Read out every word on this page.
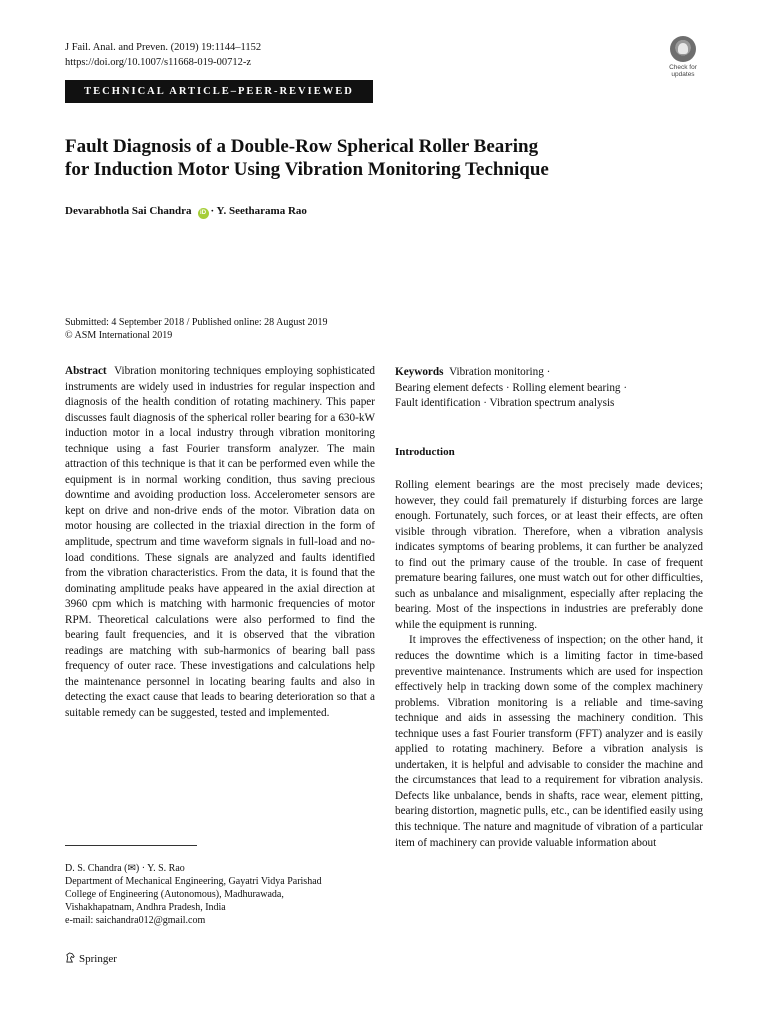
J Fail. Anal. and Preven. (2019) 19:1144–1152
https://doi.org/10.1007/s11668-019-00712-z	Check for
updates
TECHNICAL ARTICLE–PEER-REVIEWED
Fault Diagnosis of a Double-Row Spherical Roller Bearing
for Induction Motor Using Vibration Monitoring Technique
Devarabhotla Sai Chandra iD · Y. Seetharama Rao
Submitted: 4 September 2018 / Published online: 28 August 2019
© ASM International 2019

Abstract Vibration monitoring techniques employing sophisticated instruments are widely used in industries for regular inspection and diagnosis of the health condition of rotating machinery. This paper discusses fault diagnosis of the spherical roller bearing for a 630-kW induction motor in a local industry through vibration monitoring technique using a fast Fourier transform analyzer. The main attraction of this technique is that it can be performed even while the equipment is in normal working condition, thus saving precious downtime and avoiding production loss. Accelerometer sensors are kept on drive and non-drive ends of the motor. Vibration data on motor housing are collected in the triaxial direction in the form of amplitude, spectrum and time waveform signals in full-load and no-load conditions. These signals are analyzed and faults identified from the vibration characteristics. From the data, it is found that the dominating amplitude peaks have appeared in the axial direction at 3960 cpm which is matching with harmonic frequencies of motor RPM. Theoretical calculations were also performed to find the bearing fault frequencies, and it is observed that the vibration readings are matching with sub-harmonics of bearing ball pass frequency of outer race. These investigations and calculations help the maintenance personnel in locating bearing faults and also in detecting the exact cause that leads to bearing deterioration so that a suitable remedy can be suggested, tested and implemented.

Keywords Vibration monitoring ·
Bearing element defects · Rolling element bearing ·
Fault identification · Vibration spectrum analysis
Introduction

Rolling element bearings are the most precisely made devices; however, they could fail prematurely if disturbing forces are large enough. Fortunately, such forces, or at least their effects, are often visible through vibration. Therefore, when a vibration analysis indicates symptoms of bearing problems, it can further be analyzed to find out the primary cause of the trouble. In case of frequent premature bearing failures, one must watch out for other difficulties, such as unbalance and misalignment, especially after replacing the bearing. Most of the inspections in industries are preferably done while the equipment is running.

It improves the effectiveness of inspection; on the other hand, it reduces the downtime which is a limiting factor in time-based preventive maintenance. Instruments which are used for inspection effectively help in tracking down some of the complex machinery problems. Vibration monitoring is a reliable and time-saving technique and aids in assessing the machinery condition. This technique uses a fast Fourier transform (FFT) analyzer and is easily applied to rotating machinery. Before a vibration analysis is undertaken, it is helpful and advisable to consider the machine and the circumstances that lead to a requirement for vibration analysis. Defects like unbalance, bends in shafts, race wear, element pitting, bearing distortion, magnetic pulls, etc., can be identified easily using this technique. The nature and magnitude of vibration of a particular item of machinery can provide valuable information about

D. S. Chandra (✉) · Y. S. Rao
Department of Mechanical Engineering, Gayatri Vidya Parishad
College of Engineering (Autonomous), Madhurawada,
Vishakhapatnam, Andhra Pradesh, India
e-mail: saichandra012@gmail.com
Springer
